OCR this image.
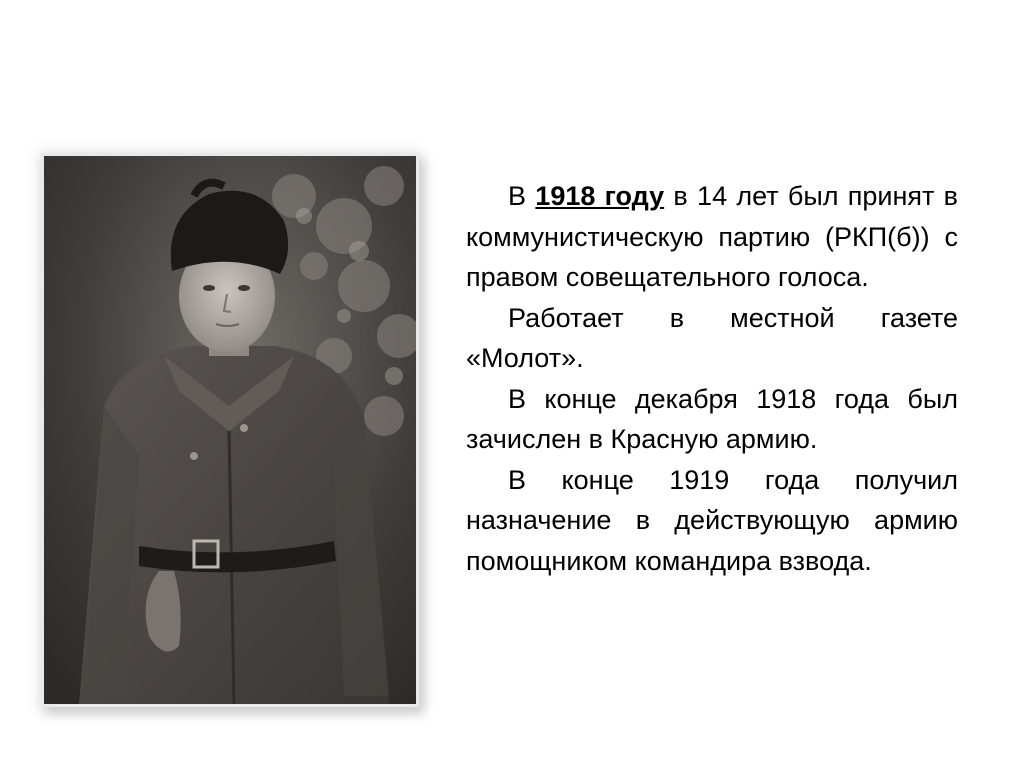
В 1918 году в 14 лет был принят в коммунистическую партию (РКП(б)) с правом совещательного голоса.

Работает в местной газете «Молот».

В конце декабря 1918 года был зачислен в Красную армию.

В конце 1919 года получил назначение в действующую армию помощником командира взвода.
